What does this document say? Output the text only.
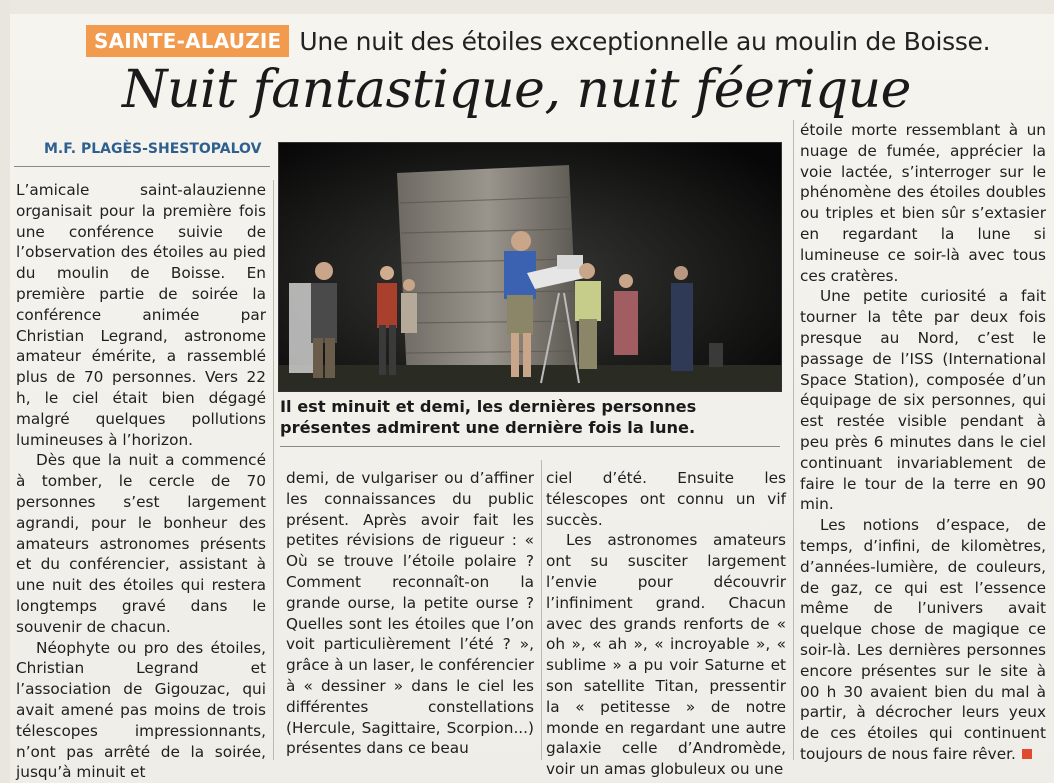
SAINTE-ALAUZIE Une nuit des étoiles exceptionnelle au moulin de Boisse.
Nuit fantastique, nuit féerique
M.F. PLAGÈS-SHESTOPALOV

L’amicale saint-alauzienne organisait pour la première fois une conférence suivie de l’observation des étoiles au pied du moulin de Boisse. En première partie de soirée la conférence animée par Christian Legrand, astronome amateur émérite, a rassemblé plus de 70 personnes. Vers 22 h, le ciel était bien dégagé malgré quelques pollutions lumineuses à l’horizon.

Dès que la nuit a commencé à tomber, le cercle de 70 personnes s’est largement agrandi, pour le bonheur des amateurs astronomes présents et du conférencier, assistant à une nuit des étoiles qui restera longtemps gravé dans le souvenir de chacun.

Néophyte ou pro des étoiles, Christian Legrand et l’association de Gigouzac, qui avait amené pas moins de trois télescopes impressionnants, n’ont pas arrêté de la soirée, jusqu’à minuit et

Il est minuit et demi, les dernières personnes présentes admirent une dernière fois la lune.

demi, de vulgariser ou d’affiner les connaissances du public présent. Après avoir fait les petites révisions de rigueur : « Où se trouve l’étoile polaire ? Comment reconnaît-on la grande ourse, la petite ourse ? Quelles sont les étoiles que l’on voit particulièrement l’été ? », grâce à un laser, le conférencier à « dessiner » dans le ciel les différentes constellations (Hercule, Sagittaire, Scorpion...) présentes dans ce beau

ciel d’été. Ensuite les télescopes ont connu un vif succès.

Les astronomes amateurs ont su susciter largement l’envie pour découvrir l’infiniment grand. Chacun avec des grands renforts de « oh », « ah », « incroyable », « sublime » a pu voir Saturne et son satellite Titan, pressentir la « petitesse » de notre monde en regardant une autre galaxie celle d’Andromède, voir un amas globuleux ou une

étoile morte ressemblant à un nuage de fumée, apprécier la voie lactée, s’interroger sur le phénomène des étoiles doubles ou triples et bien sûr s’extasier en regardant la lune si lumineuse ce soir-là avec tous ces cratères.

Une petite curiosité a fait tourner la tête par deux fois presque au Nord, c’est le passage de l’ISS (International Space Station), composée d’un équipage de six personnes, qui est restée visible pendant à peu près 6 minutes dans le ciel continuant invariablement de faire le tour de la terre en 90 min.

Les notions d’espace, de temps, d’infini, de kilomètres, d’années-lumière, de couleurs, de gaz, ce qui est l’essence même de l’univers avait quelque chose de magique ce soir-là. Les dernières personnes encore présentes sur le site à 00 h 30 avaient bien du mal à partir, à décrocher leurs yeux de ces étoiles qui continuent toujours de nous faire rêver.
